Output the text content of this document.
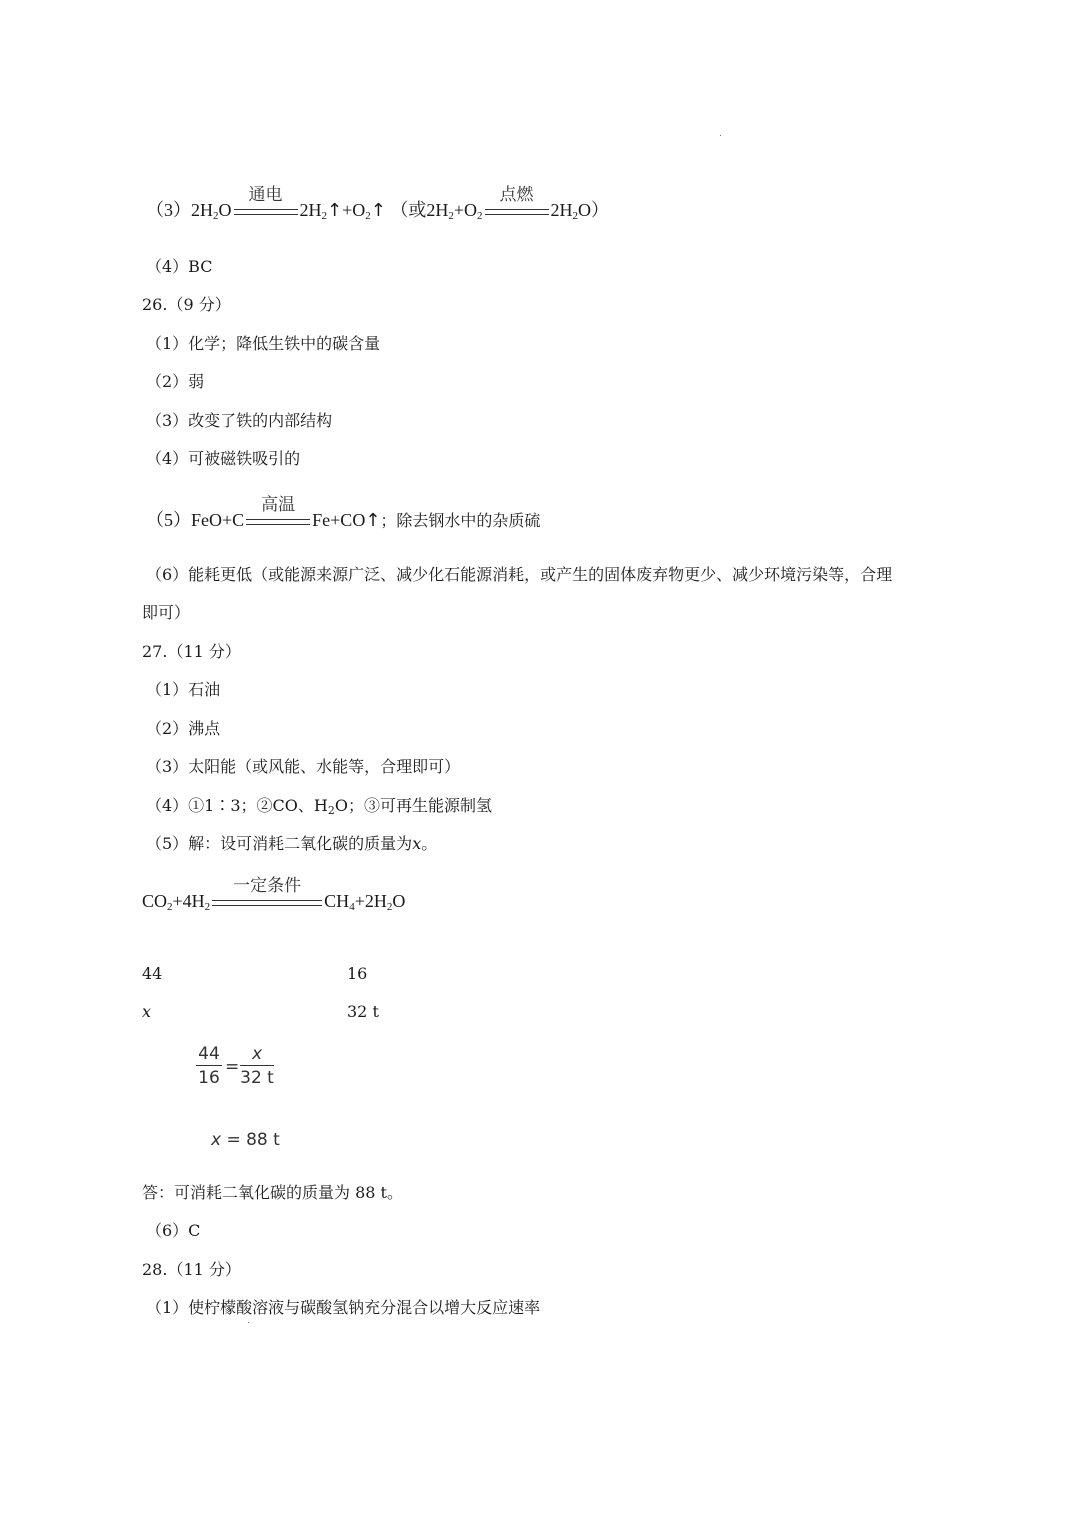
$(3)2H_2O$
通电
$2H_2↑+O_2↑$ （或$2H_2+O_2$
点燃
$2H_2O$）
（4）BC
26.（9 分）
（1）化学；降低生铁中的碳含量
（2）弱
（3）改变了铁的内部结构
（4）可被磁铁吸引的
（5）FeO+C
高温
Fe+CO↑；除去钢水中的杂质硫
（6）能耗更低（或能源来源广泛、减少化石能源消耗，或产生的固体废弃物更少、减少环境污染等，合理
即可）
27.（11 分）
（1）石油
（2）沸点
（3）太阳能（或风能、水能等，合理即可）
（4）①1∶3；②CO、$H_2O$；③可再生能源制氢
（5）解：设可消耗二氧化碳的质量为x。
$CO_2+4H_2$
一定条件
$CH_4+2H_2O$
44	16
x	32 t
$\frac{44}{16} = \frac{x}{32 t}$
x = 88 t
答：可消耗二氧化碳的质量为 88 t。
（6）C
28.（11 分）
（1）使柠檬酸溶液与碳酸氢钠充分混合以增大反应速率
